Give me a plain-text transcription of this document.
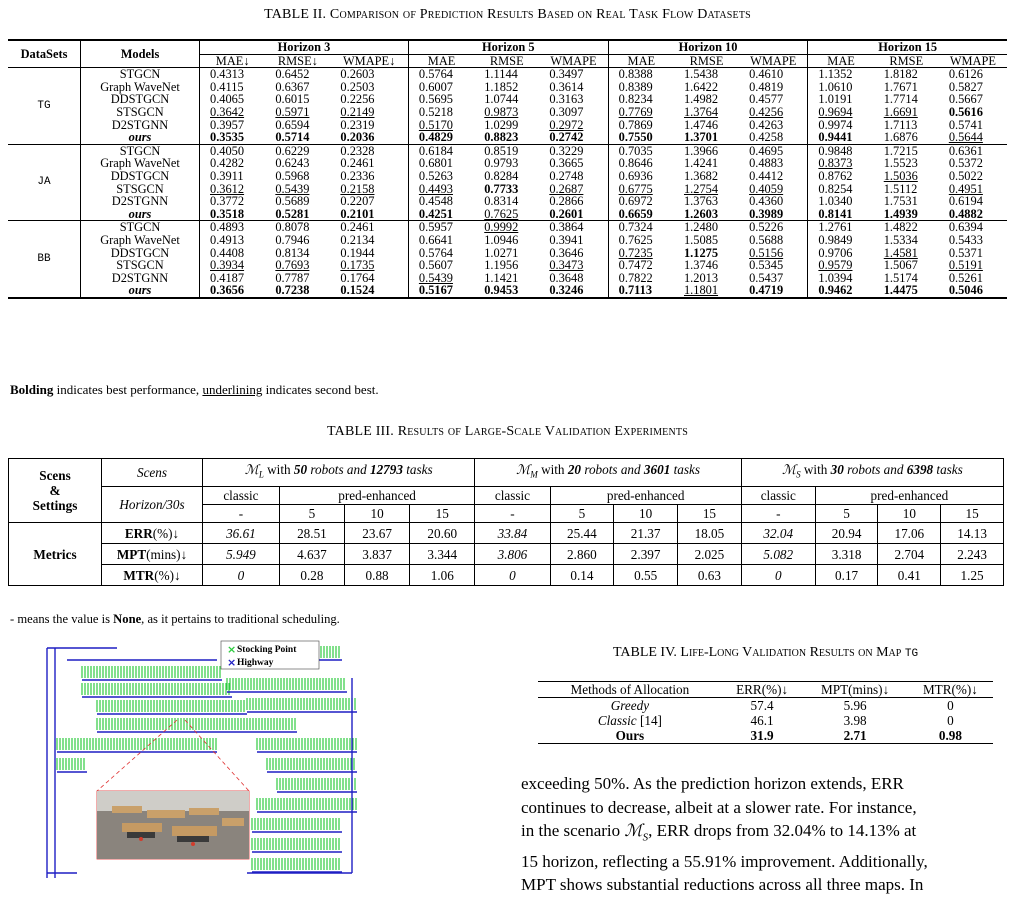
TABLE II. Comparison of Prediction Results Based on Real Task Flow Datasets
DataSets	Models	Horizon 3			Horizon 5			Horizon 10			Horizon 15		
		MAE↓	RMSE↓	WMAPE↓	MAE	RMSE	WMAPE	MAE	RMSE	WMAPE	MAE	RMSE	WMAPE
TG	STGCN	0.4313	0.6452	0.2603	0.5764	1.1144	0.3497	0.8388	1.5438	0.4610	1.1352	1.8182	0.6126
	Graph WaveNet	0.4115	0.6367	0.2503	0.6007	1.1852	0.3614	0.8389	1.6422	0.4819	1.0610	1.7671	0.5827
	DDSTGCN	0.4065	0.6015	0.2256	0.5695	1.0744	0.3163	0.8234	1.4982	0.4577	1.0191	1.7714	0.5667
	STSGCN	0.3642	0.5971	0.2149	0.5218	0.9873	0.3097	0.7769	1.3764	0.4256	0.9694	1.6691	0.5616
	D2STGNN	0.3957	0.6594	0.2319	0.5170	1.0299	0.2972	0.7869	1.4746	0.4263	0.9974	1.7113	0.5741
	ours	0.3535	0.5714	0.2036	0.4829	0.8823	0.2742	0.7550	1.3701	0.4258	0.9441	1.6876	0.5644
JA	STGCN	0.4050	0.6229	0.2328	0.6184	0.8519	0.3229	0.7035	1.3966	0.4695	0.9848	1.7215	0.6361
	Graph WaveNet	0.4282	0.6243	0.2461	0.6801	0.9793	0.3665	0.8646	1.4241	0.4883	0.8373	1.5523	0.5372
	DDSTGCN	0.3911	0.5968	0.2336	0.5263	0.8284	0.2748	0.6936	1.3682	0.4412	0.8762	1.5036	0.5022
	STSGCN	0.3612	0.5439	0.2158	0.4493	0.7733	0.2687	0.6775	1.2754	0.4059	0.8254	1.5112	0.4951
	D2STGNN	0.3772	0.5689	0.2207	0.4548	0.8314	0.2866	0.6972	1.3763	0.4360	1.0340	1.7531	0.6194
	ours	0.3518	0.5281	0.2101	0.4251	0.7625	0.2601	0.6659	1.2603	0.3989	0.8141	1.4939	0.4882
BB	STGCN	0.4893	0.8078	0.2461	0.5957	0.9992	0.3864	0.7324	1.2480	0.5226	1.2761	1.4822	0.6394
	Graph WaveNet	0.4913	0.7946	0.2134	0.6641	1.0946	0.3941	0.7625	1.5085	0.5688	0.9849	1.5334	0.5433
	DDSTGCN	0.4408	0.8134	0.1944	0.5764	1.0271	0.3646	0.7235	1.1275	0.5156	0.9706	1.4581	0.5371
	STSGCN	0.3934	0.7693	0.1735	0.5607	1.1956	0.3473	0.7472	1.3746	0.5345	0.9579	1.5067	0.5191
	D2STGNN	0.4187	0.7787	0.1764	0.5439	1.1421	0.3648	0.7822	1.2013	0.5437	1.0394	1.5174	0.5261
	ours	0.3656	0.7238	0.1524	0.5167	0.9453	0.3246	0.7113	1.1801	0.4719	0.9462	1.4475	0.5046
Bolding indicates best performance, underlining indicates second best.
TABLE III. Results of Large-Scale Validation Experiments
Scens
&
Settings	Scens	ℳ$_L$ with 50 robots and 12793 tasks				ℳ$_M$ with 20 robots and 3601 tasks				ℳ$_S$ with 30 robots and 6398 tasks			
	Horizon/30s	classic	pred-enhanced			classic	pred-enhanced			classic	pred-enhanced		
		-	5	10	15	-	5	10	15	-	5	10	15
Metrics	ERR(%)↓	36.61	28.51	23.67	20.60	33.84	25.44	21.37	18.05	32.04	20.94	17.06	14.13
	MPT(mins)↓	5.949	4.637	3.837	3.344	3.806	2.860	2.397	2.025	5.082	3.318	2.704	2.243
	MTR(%)↓	0	0.28	0.88	1.06	0	0.14	0.55	0.63	0	0.17	0.41	1.25
- means the value is None, as it pertains to traditional scheduling.
× Stocking Point
× Highway
TABLE IV. Life-Long Validation Results on Map TG
Methods of Allocation	ERR(%)↓	MPT(mins)↓	MTR(%)↓
Greedy	57.4	5.96	0
Classic [14]	46.1	3.98	0
Ours	31.9	2.71	0.98
exceeding 50%. As the prediction horizon extends, ERR
continues to decrease, albeit at a slower rate. For instance,
in the scenario ℳ$_S$, ERR drops from 32.04% to 14.13% at
15 horizon, reflecting a 55.91% improvement. Additionally,
MPT shows substantial reductions across all three maps. In
